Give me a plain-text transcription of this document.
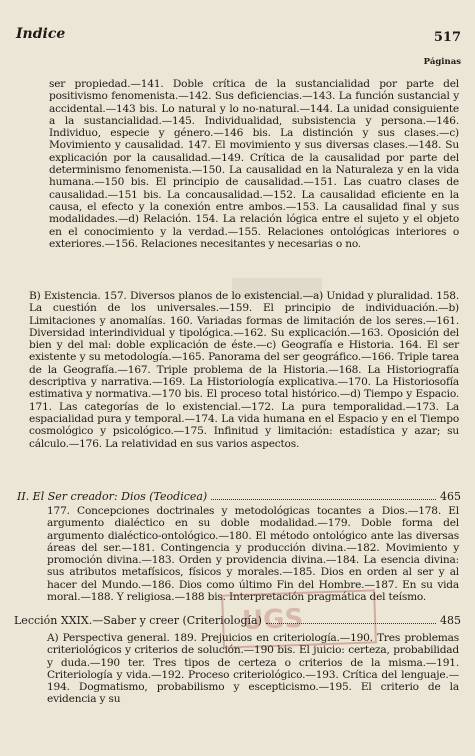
Indice	517
Páginas
ser propiedad.—141. Doble crítica de la sustancialidad por parte del positivismo fenomenista.—142. Sus deficiencias.—143. La función sustancial y accidental.—143 bis. Lo natural y lo no-natural.—144. La unidad consiguiente a la sustancialidad.—145. Individualidad, subsistencia y persona.—146. Individuo, especie y género.—146 bis. La distinción y sus clases.—c) Movimiento y causalidad. 147. El movimiento y sus diversas clases.—148. Su explicación por la causalidad.—149. Crítica de la causalidad por parte del determinismo fenomenista.—150. La causalidad en la Naturaleza y en la vida humana.—150 bis. El principio de causalidad.—151. Las cuatro clases de causalidad.—151 bis. La concausalidad.—152. La causalidad eficiente en la causa, el efecto y la conexión entre ambos.—153. La causalidad final y sus modalidades.—d) Relación. 154. La relación lógica entre el sujeto y el objeto en el conocimiento y la verdad.—155. Relaciones ontológicas interiores o exteriores.—156. Relaciones necesitantes y necesarias o no.
B) Existencia. 157. Diversos planos de lo existencial.—a) Unidad y pluralidad. 158. La cuestión de los universales.—159. El principio de individuación.—b) Limitaciones y anomalías. 160. Variadas formas de limitación de los seres.—161. Diversidad interindividual y tipológica.—162. Su explicación.—163. Oposición del bien y del mal: doble explicación de éste.—c) Geografía e Historia. 164. El ser existente y su metodología.—165. Panorama del ser geográfico.—166. Triple tarea de la Geografía.—167. Triple problema de la Historia.—168. La Historiografía descriptiva y narrativa.—169. La Historiología explicativa.—170. La Historiosofía estimativa y normativa.—170 bis. El proceso total histórico.—d) Tiempo y Espacio. 171. Las categorías de lo existencial.—172. La pura temporalidad.—173. La espacialidad pura y temporal.—174. La vida humana en el Espacio y en el Tiempo cosmológico y psicológico.—175. Infinitud y limitación: estadística y azar; su cálculo.—176. La relatividad en sus varios aspectos.
II. El Ser creador: Dios (Teodicea)	465
177. Concepciones doctrinales y metodológicas tocantes a Dios.—178. El argumento dialéctico en su doble modalidad.—179. Doble forma del argumento dialéctico-ontológico.—180. El método ontológico ante las diversas áreas del ser.—181. Contingencia y producción divina.—182. Movimiento y promoción divina.—183. Orden y providencia divina.—184. La esencia divina: sus atributos metafísicos, físicos y morales.—185. Dios en orden al ser y al hacer del Mundo.—186. Dios como último Fin del Hombre.—187. En su vida moral.—188. Y religiosa.—188 bis. Interpretación pragmática del teísmo.
UGS
Lección XXIX.—Saber y creer (Criteriología)	485
A) Perspectiva general. 189. Prejuicios en criteriología.—190. Tres problemas criteriológicos y criterios de solución.—190 bis. El juicio: certeza, probabilidad y duda.—190 ter. Tres tipos de certeza o criterios de la misma.—191. Criteriología y vida.—192. Proceso criteriológico.—193. Crítica del lenguaje.—194. Dogmatismo, probabilismo y escepticismo.—195. El criterio de la evidencia y su
